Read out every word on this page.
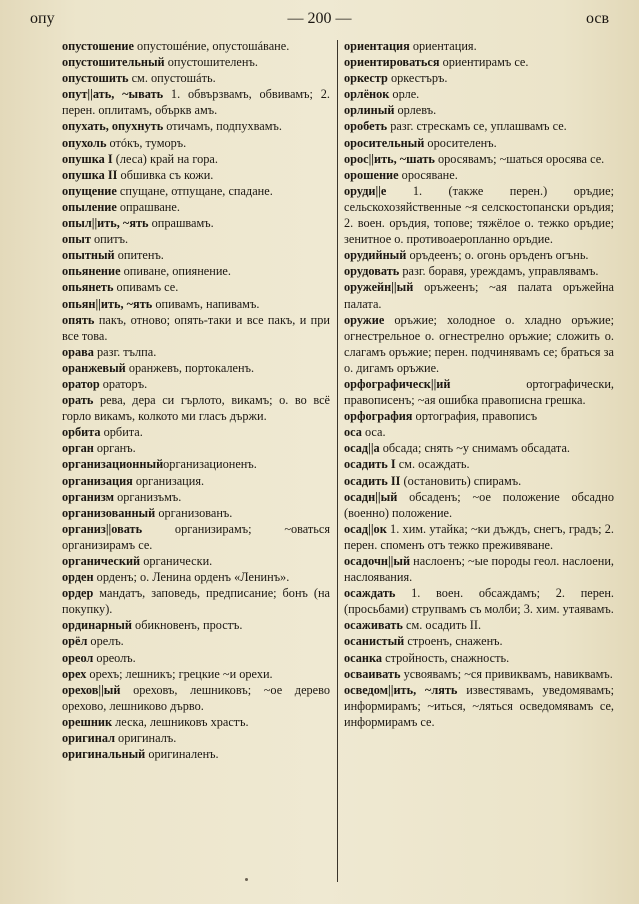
опу	— 200 —	осв
опустошение опустошéние, опустошáване.
опустошительный опустошителенъ.
опустошить см. опустошáть.
опут||ать, ~ывать 1. обвързвамъ, обвивамъ; 2. перен. оплитамъ, объркв амъ.
опухать, опухнуть отичамъ, подпухвамъ.
опухоль отóкъ, туморъ.
опушка I (леса) край на гора.
опушка II обшивка съ кожи.
опущение спущане, отпущане, спадане.
опыление опрашване.
опыл||ить, ~ять опрашвамъ.
опыт опитъ.
опытный опитенъ.
опьянение опиване, опиянение.
опьянеть опивамъ се.
опьян||ить, ~ять опивамъ, напивамъ.
опять пакъ, отново; опять-таки и все пакъ, и при все това.
орава разг. тълпа.
оранжевый оранжевъ, портокаленъ.
оратор ораторъ.
орать рева, дера си гърлото, викамъ; о. во всё горло викамъ, колкото ми гласъ държи.
орбита орбита.
орган органъ.
организационныйорганизационенъ.
организация организация.
организм организъмъ.
организованный организованъ.
организ||овать организирамъ; ~оваться организирамъ се.
органический органически.
орден орденъ; о. Ленина орденъ «Ленинъ».
ордер мандатъ, заповедь, предписание; бонъ (на покупку).
ординарный обикновенъ, простъ.
орёл орелъ.
ореол ореолъ.
орех орехъ; лешникъ; грецкие ~и орехи.
орехов||ый ореховъ, лешниковъ; ~ое дерево орехово, лешниково дърво.
орешник леска, лешниковъ храстъ.
оригинал оригиналъ.
оригинальный оригиналенъ.
ориентация ориентация.
ориентироваться ориентирамъ се.
оркестр оркестъръ.
орлёнок орле.
орлиный орлевъ.
оробеть разг. стрескамъ се, уплашвамъ се.
оросительный оросителенъ.
орос||ить, ~шать оросявамъ; ~шаться оросява се.
орошение оросяване.
оруди||е 1. (также перен.) оръдие; сельскохозяйственные ~я селскостопански оръдия; 2. воен. оръдия, топове; тяжёлое о. тежко оръдие; зенитное о. противоаеропланно оръдие.
орудийный оръдеенъ; о. огонь оръденъ огънь.
орудовать разг. боравя, уреждамъ, управлявамъ.
оружейн||ый оръжеенъ; ~ая палата оръжейна палата.
оружие оръжие; холодное о. хладно оръжие; огнестрельное о. огнестрелно оръжие; сложить о. слагамъ оръжие; перен. подчинявамъ се; браться за о. дигамъ оръжие.
орфографическ||ий ортографически, правописенъ; ~ая ошибка правописна грешка.
орфография ортография, правописъ
оса оса.
осад||а обсада; снять ~у снимамъ обсадата.
осадить I см. осаждать.
осадить II (остановить) спирамъ.
осадн||ый обсаденъ; ~ое положение обсадно (военно) положение.
осад||ок 1. хим. утайка; ~ки дъждъ, снегъ, градъ; 2. перен. споменъ отъ тежко преживяване.
осадочн||ый наслоенъ; ~ые породы геол. наслоени, наслоявания.
осаждать 1. воен. обсаждамъ; 2. перен. (просьбами) струпвамъ съ молби; 3. хим. утаявамъ.
осаживать см. осадить II.
осанистый строенъ, снаженъ.
осанка стройность, снажность.
осваивать усвоявамъ; ~ся привиквамъ, навиквамъ.
осведом||ить, ~лять известявамъ, уведомявамъ; информирамъ; ~иться, ~ляться осведомявамъ се, информирамъ се.
